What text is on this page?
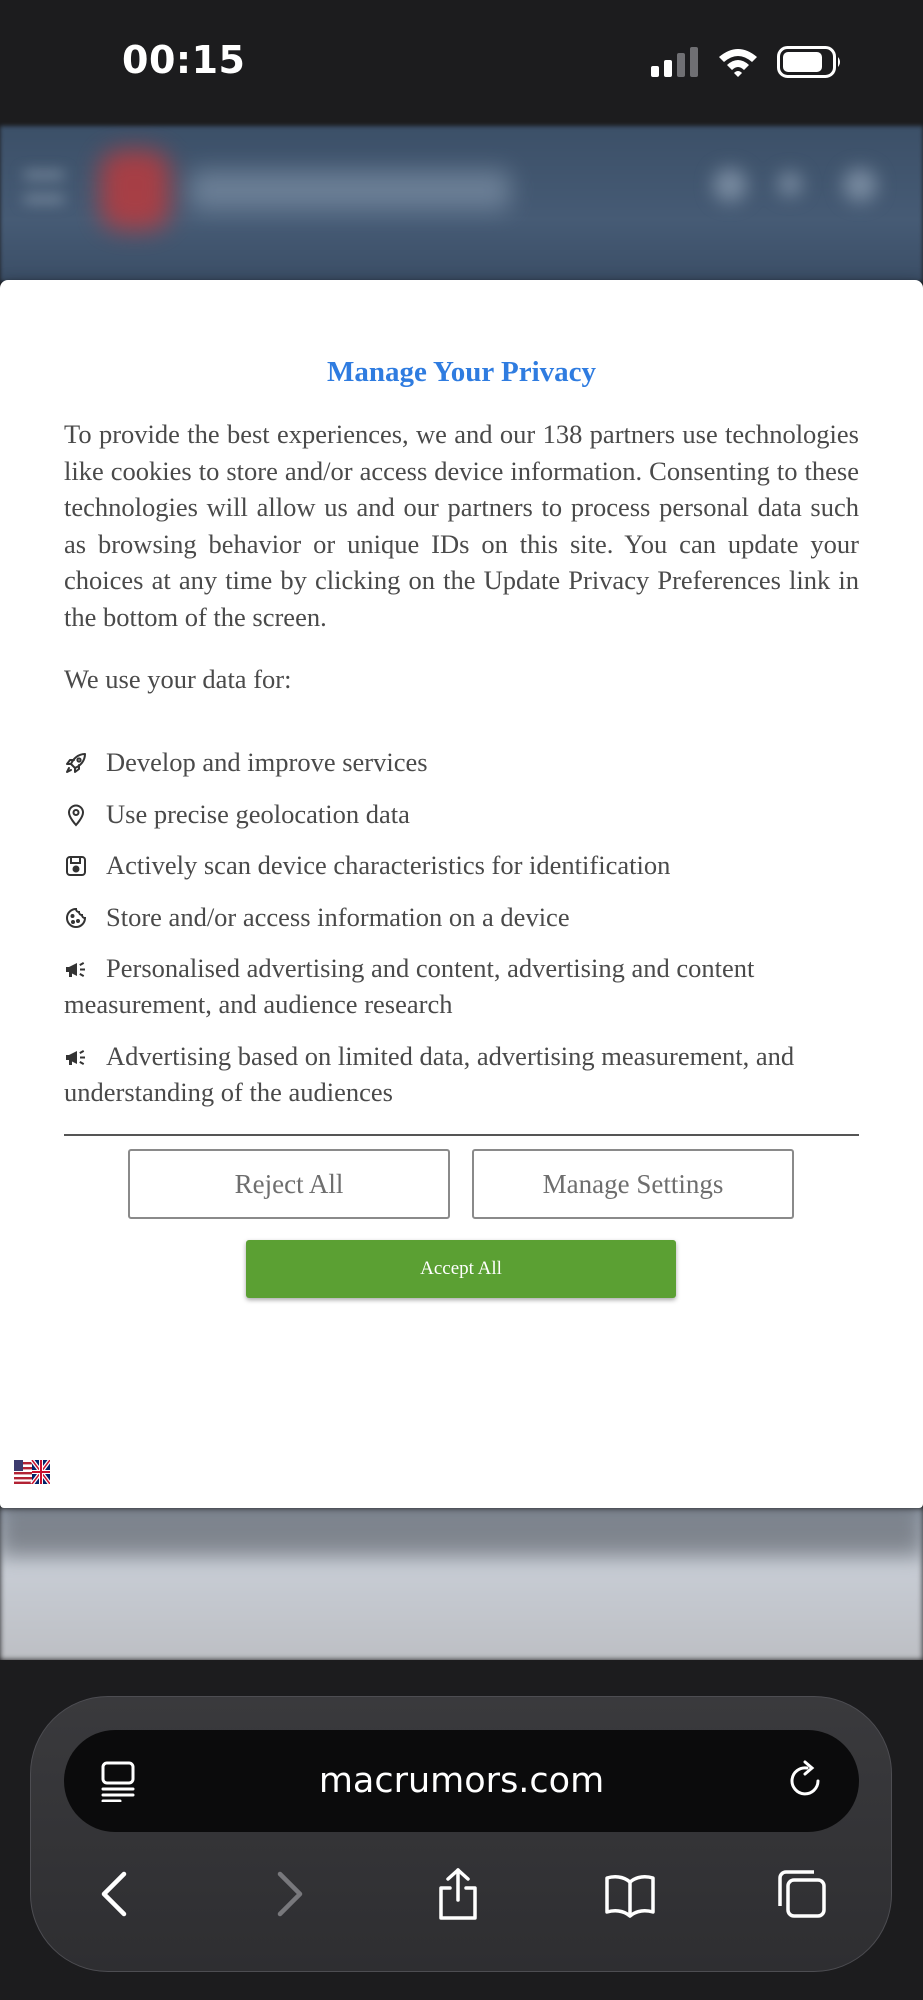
00:15
Manage Your Privacy

To provide the best experiences, we and our 138 partners use technologies like cookies to store and/or access device information. Consenting to these technologies will allow us and our partners to process personal data such as browsing behavior or unique IDs on this site. You can update your choices at any time by clicking on the Update Privacy Preferences link in the bottom of the screen.

We use your data for:
Develop and improve services
Use precise geolocation data
Actively scan device characteristics for identification
Store and/or access information on a device
Personalised advertising and content, advertising and content measurement, and audience research
Advertising based on limited data, advertising measurement, and understanding of the audiences
Reject All	Manage Settings
Accept All
macrumors.com
